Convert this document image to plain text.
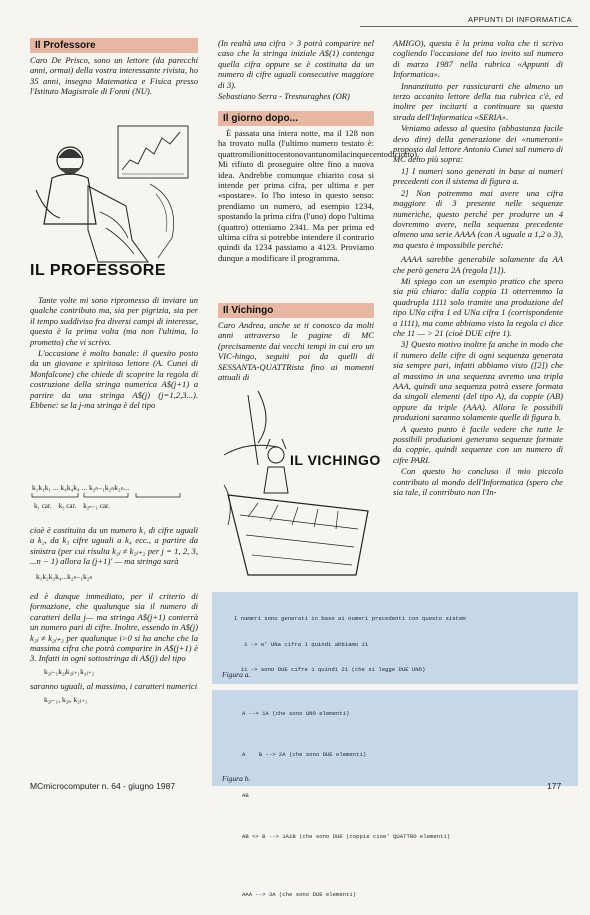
APPUNTI DI INFORMATICA
Il Professore

Caro De Prisco, sono un lettore (da parecchi anni, ormai) della vostra interessante rivista, ho 35 anni, insegno Matematica e Fisica presso l'Istituto Magistrale di Fonni (NU).

IL PROFESSORE

Tante volte mi sono ripromesso di inviare un qualche contributo ma, sia per pigrizia, sia per il tempo suddiviso fra diversi campi di interesse, questa è la prima volta (ma non l'ultima, lo prometto) che vi scrivo.

L'occasione è molto banale: il quesito posto da un giovane e spiritoso lettore (A. Cunei di Monfalcone) che chiede di scoprire la regola di costruzione della stringa numerica A$(j+1) a partire da una stringa A$(j) (j=1,2,3...). Ebbene: se la j-ma stringa è del tipo

k₁k₁k₁ ... k₄k₄k₄ ... k₂ₙ₋₁k₂ₙk₂ₙ...
k₁ car.    k₃ car.    k₂ₙ₋₁ car.

cioè è costituita da un numero k₁ di cifre uguali a k₂, da k₃ cifre uguali a k₄ ecc., a partire da sinistra (per cui risulta k₂ⱼ ≠ k₂ⱼ₊₂ per j = 1, 2, 3, ...n − 1) allora la (j+1)′ — ma stringa sarà

k₁k₂k₃k₄...k₂ₙ₋₁k₂ₙ

ed è dunque immediato, per il criterio di formazione, che qualunque sia il numero di caratteri della j— ma stringa A$(j+1) conterrà un numero pari di cifre. Inoltre, essendo in A$(j) k₂ⱼ ≠ k₂ⱼ₊₂ per qualunque i>0 si ha anche che la massima cifra che potrà comparire in A$(j+1) è 3. Infatti in ogni sottostringa di A$(j) del tipo

k₂ⱼ₋₁k₂ⱼk₂ⱼ₊₁k₂ⱼ₊₂

saranno uguali, al massimo, i caratteri numerici

k₂ⱼ₋₁, k₂ⱼ, k₂ⱼ₊₁

(In realtà una cifra > 3 potrà comparire nel caso che la stringa iniziale A$(1) contenga quella cifra oppure se è costituita da un numero di cifre uguali consecutive maggiore di 3).

Sebastiano Serra - Tresnuraghes (OR)

Il giorno dopo...

È passata una intera notte, ma il 128 non ha trovato nulla (l'ultimo numero testato è: quattromilionittocentonovantunomilacinquecentodiciotto). Mi rifiuto di proseguire oltre fino a nuova idea. Andrebbe comunque chiarito cosa si intende per prima cifra, per ultima e per «spostare». Io l'ho inteso in questo senso: prendiamo un numero, ad esempio 1234, spostando la prima cifra (l'uno) dopo l'ultima (quattro) otteniamo 2341. Ma per prima ed ultima cifra si potrebbe intendere il contrario quindi da 1234 passiamo a 4123. Proviamo dunque a modificare il programma.

Il Vichingo

Caro Andrea, anche se ti conosco da molti anni attraverso le pagine di MC (precisamente dai vecchi tempi in cui ero un VIC-hingo, seguiti poi da quelli di SESSANTA-QUATTRista fino ai momenti attuali di

IL VICHINGO

AMIGO), questa è la prima volta che ti scrivo cogliendo l'occasione del tuo invito sul numero di marzo 1987 nella rubrica «Appunti di Informatica».

Innanzitutto per rassicurarti che almeno un terzo accanito lettore della tua rubrica c'è, ed inoltre per incitarti a continuare su questa strada dell'Informatica «SERIA».

Veniamo adesso al quesito (abbastanza facile devo dire) della generazione dei «numeroni» proposto dal lettore Antonio Cunei sul numero di MC detto più sopra:

1] I numeri sono generati in base ai numeri precedenti con il sistema di figura a.

2] Non potremmo mai avere una cifra maggiore di 3 presente nelle sequenze numeriche, questo perché per produrre un 4 dovremmo avere, nella sequenza precedente almeno una serie AAAA (con A uguale a 1,2 o 3), ma questo è impossibile perché:

AAAA sarebbe generabile solamente da AA che però genera 2A (regola [1]).

Mi spiego con un esempio pratico che spero sia più chiaro: dalla coppia 11 otterremmo la quadrupla 1111 solo tramite una produzione del tipo UNa cifra 1 ed UNa cifra 1 (corrispondente a 1111), ma come abbiamo visto la regola ci dice che 11 — > 21 (cioè DUE cifre 1).

3] Questo motivo inoltre fa anche in modo che il numero delle cifre di ogni sequenza generata sia sempre pari, infatti abbiamo visto ([2]) che al massimo in una sequenza avremo una tripla AAA, quindi una sequenza potrà essere formata da singoli elementi (del tipo A), da coppie (AB) oppure da triple (AAA). Allora le possibili produzioni saranno solamente quelle di figura b.

A questo punto è facile vedere che tutte le possibili produzioni generano sequenze formate da coppie, quindi sequenze con un numero di cifre PARI.

Con questo ho concluso il mio piccolo contributo al mondo dell'Informatica (spero che sia tale, il contributo non l'In-

I numeri sono generati in base ai numeri precedenti con questo sistem

1 -> e' UNa cifra 1 quindi abbiamo 11

11 -> sono DUE cifre 1 quindi 21 (che si legge DUE UNO)

Figura a.

A --> 1A (che sono UNO elementi)

A    B --> 2A (che sono DUE elementi)

AB

AB <> B --> 1A1B (che sono DUE (coppie cioe' QUATTRO elementi)

AAA --> 3A (che sono DUE elementi)

Figura b.
MCmicrocomputer n. 64 - giugno 1987	177
